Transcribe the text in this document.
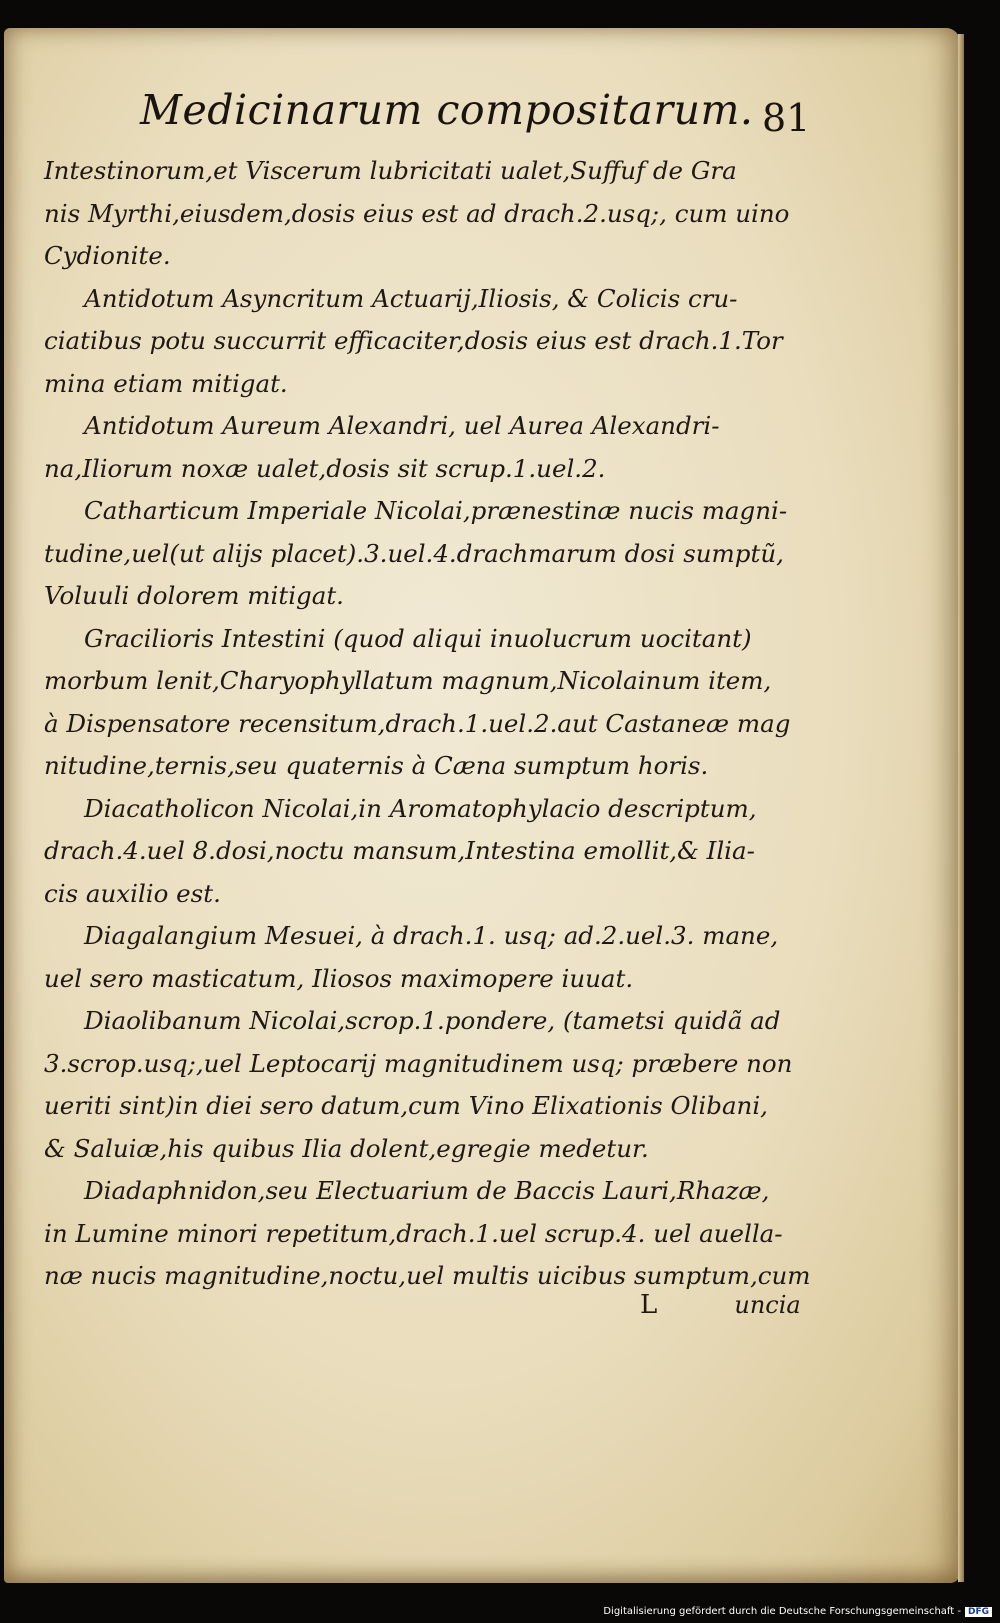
Medicinarum compositarum. 81
Intestinorum,et Viscerum lubricitati ualet,Suffuf de Gra
nis Myrthi,eiusdem,dosis eius est ad drach.2.usq;, cum uino
Cydionite.
Antidotum Asyncritum Actuarij,Iliosis, & Colicis cru-
ciatibus potu succurrit efficaciter,dosis eius est drach.1.Tor
mina etiam mitigat.
Antidotum Aureum Alexandri, uel Aurea Alexandri-
na,Iliorum noxæ ualet,dosis sit scrup.1.uel.2.
Catharticum Imperiale Nicolai,prænestinæ nucis magni-
tudine,uel(ut alijs placet).3.uel.4.drachmarum dosi sumptũ,
Voluuli dolorem mitigat.
Gracilioris Intestini (quod aliqui inuolucrum uocitant)
morbum lenit,Charyophyllatum magnum,Nicolainum item,
à Dispensatore recensitum,drach.1.uel.2.aut Castaneæ mag
nitudine,ternis,seu quaternis à Cæna sumptum horis.
Diacatholicon Nicolai,in Aromatophylacio descriptum,
drach.4.uel 8.dosi,noctu mansum,Intestina emollit,& Ilia-
cis auxilio est.
Diagalangium Mesuei, à drach.1. usq; ad.2.uel.3. mane,
uel sero masticatum, Iliosos maximopere iuuat.
Diaolibanum Nicolai,scrop.1.pondere, (tametsi quidã ad
3.scrop.usq;,uel Leptocarij magnitudinem usq; præbere non
ueriti sint)in diei sero datum,cum Vino Elixationis Olibani,
& Saluiæ,his quibus Ilia dolent,egregie medetur.
Diadaphnidon,seu Electuarium de Baccis Lauri,Rhazæ,
in Lumine minori repetitum,drach.1.uel scrup.4. uel auella-
næ nucis magnitudine,noctu,uel multis uicibus sumptum,cum
L	uncia
Digitalisierung gefördert durch die Deutsche Forschungsgemeinschaft - DFG
